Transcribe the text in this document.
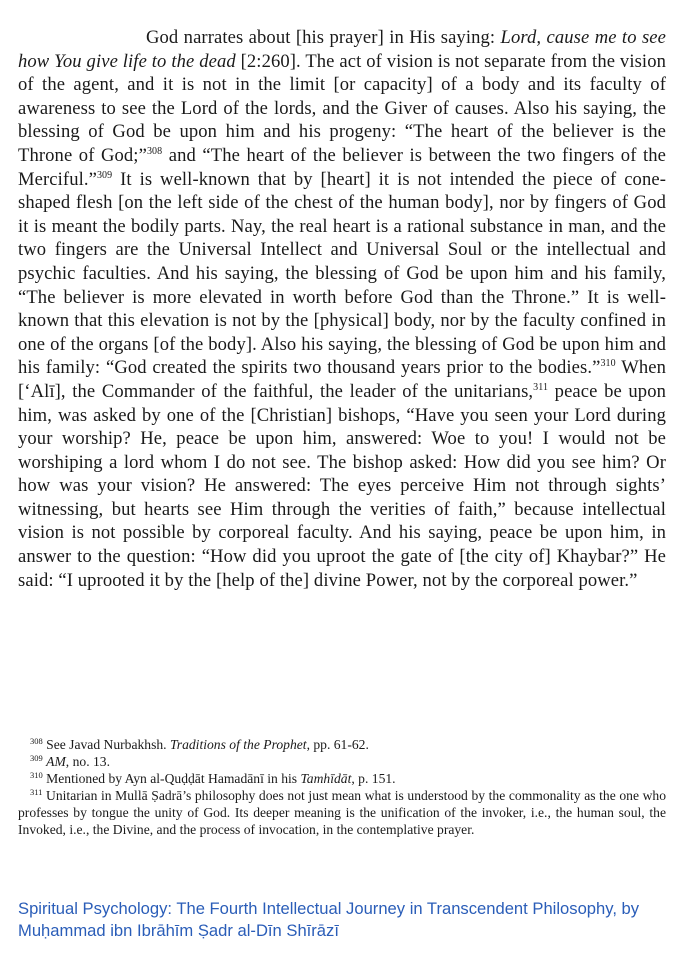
God narrates about [his prayer] in His saying: Lord, cause me to see how You give life to the dead [2:260]. The act of vision is not separate from the vision of the agent, and it is not in the limit [or capacity] of a body and its faculty of awareness to see the Lord of the lords, and the Giver of causes. Also his saying, the blessing of God be upon him and his progeny: “The heart of the believer is the Throne of God;”$^{308}$ and “The heart of the believer is between the two fingers of the Merciful.”$^{309}$ It is well-known that by [heart] it is not intended the piece of cone-shaped flesh [on the left side of the chest of the human body], nor by fingers of God it is meant the bodily parts. Nay, the real heart is a rational substance in man, and the two fingers are the Universal Intellect and Universal Soul or the intellectual and psychic faculties. And his saying, the blessing of God be upon him and his family, “The believer is more elevated in worth before God than the Throne.” It is well-known that this elevation is not by the [physical] body, nor by the faculty confined in one of the organs [of the body]. Also his saying, the blessing of God be upon him and his family: “God created the spirits two thousand years prior to the bodies.”$^{310}$ When [‘Alī], the Commander of the faithful, the leader of the unitarians,$^{311}$ peace be upon him, was asked by one of the [Christian] bishops, “Have you seen your Lord during your worship? He, peace be upon him, answered: Woe to you! I would not be worshiping a lord whom I do not see. The bishop asked: How did you see him? Or how was your vision? He answered: The eyes perceive Him not through sights’ witnessing, but hearts see Him through the verities of faith,” because intellectual vision is not possible by corporeal faculty. And his saying, peace be upon him, in answer to the question: “How did you uproot the gate of [the city of] Khaybar?” He said: “I uprooted it by the [help of the] divine Power, not by the corporeal power.”

$^{308}$ See Javad Nurbakhsh. Traditions of the Prophet, pp. 61-62.

$^{309}$ AM, no. 13.

$^{310}$ Mentioned by Ayn al-Quḍḍāt Hamadānī in his Tamhīdāt, p. 151.

$^{311}$ Unitarian in Mullā Ṣadrā’s philosophy does not just mean what is understood by the commonality as the one who professes by tongue the unity of God. Its deeper meaning is the unification of the invoker, i.e., the human soul, the Invoked, i.e., the Divine, and the process of invocation, in the contemplative prayer.

Spiritual Psychology: The Fourth Intellectual Journey in Transcendent Philosophy, by Muḥammad ibn Ibrāhīm Ṣadr al-Dīn Shīrāzī
